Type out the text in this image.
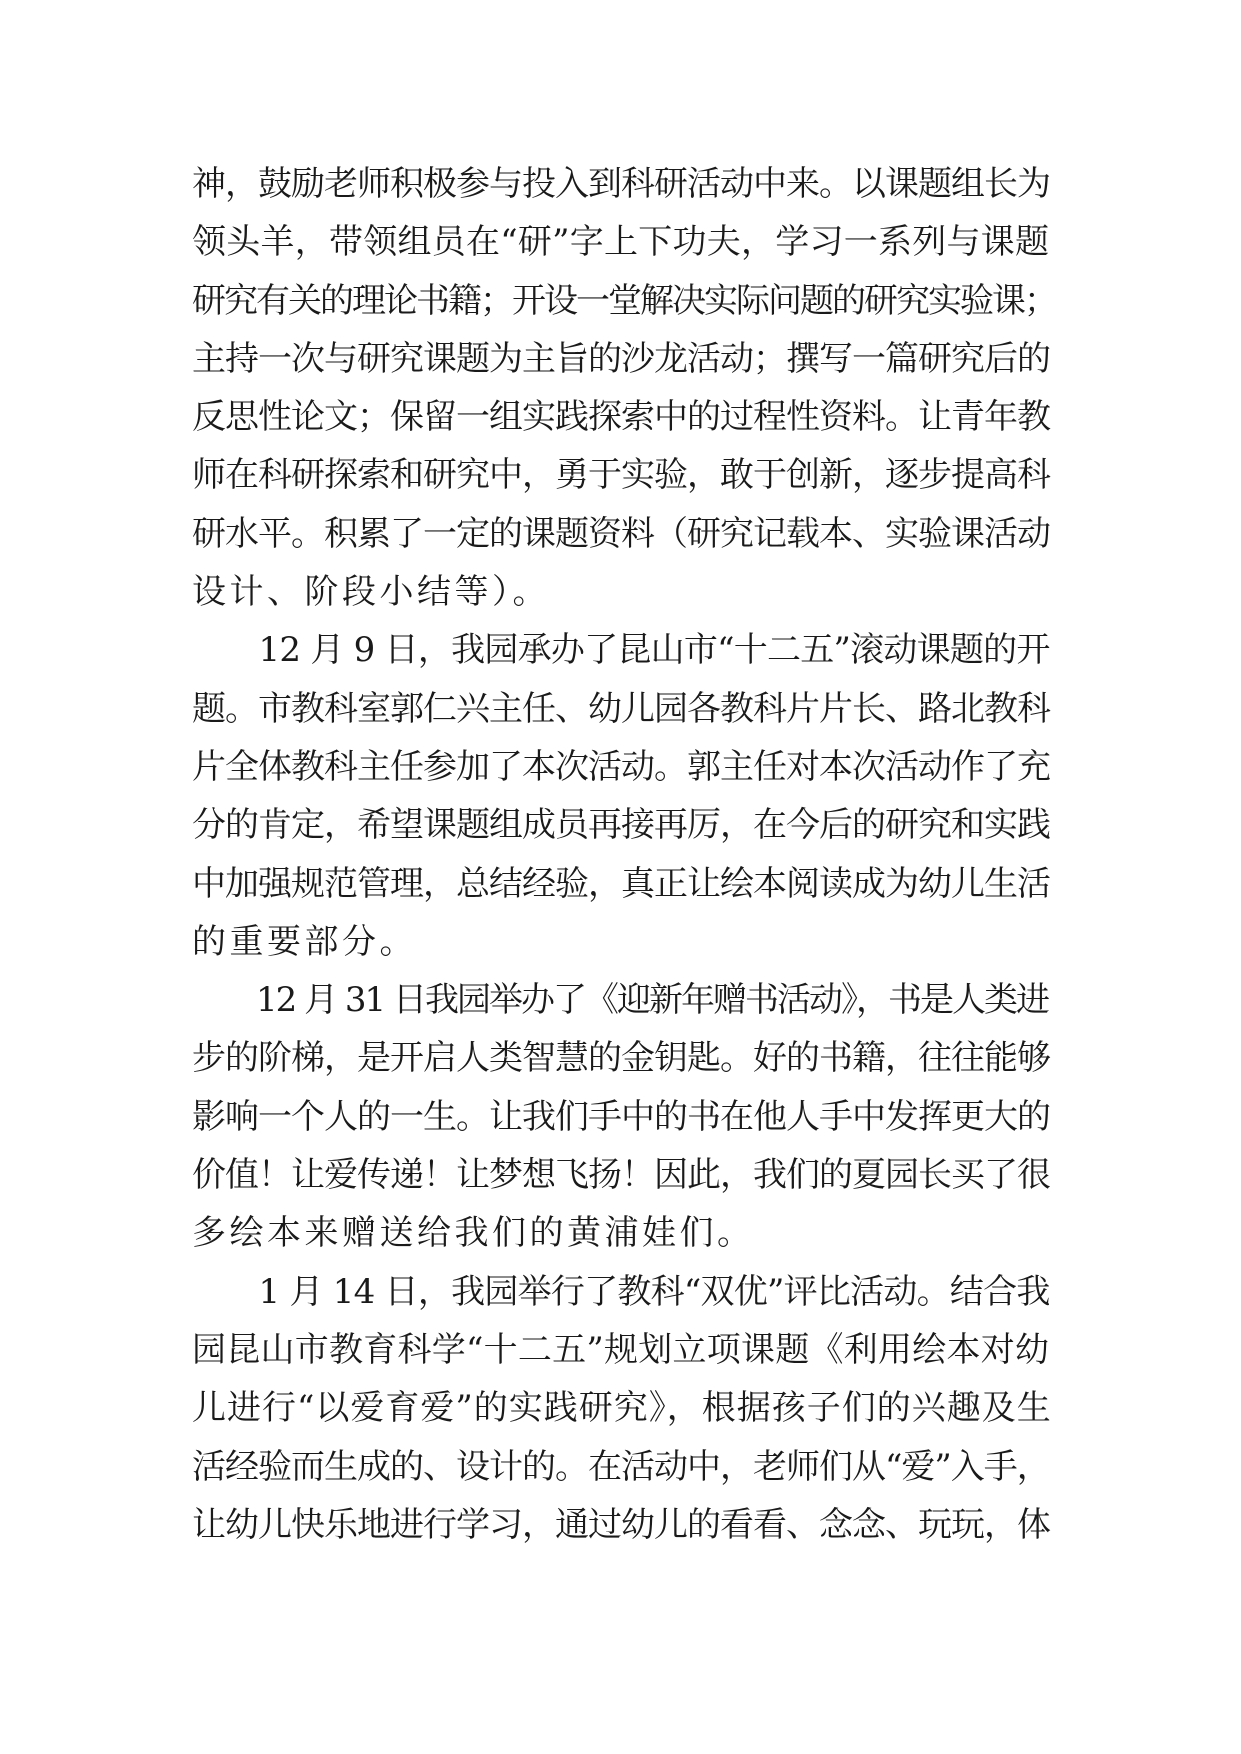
神，鼓励老师积极参与投入到科研活动中来。以课题组长为
领头羊，带领组员在“研”字上下功夫，学习一系列与课题
研究有关的理论书籍；开设一堂解决实际问题的研究实验课；
主持一次与研究课题为主旨的沙龙活动；撰写一篇研究后的
反思性论文；保留一组实践探索中的过程性资料。让青年教
师在科研探索和研究中，勇于实验，敢于创新，逐步提高科
研水平。积累了一定的课题资料（研究记载本、实验课活动
设计、阶段小结等）。
　　12 月 9 日，我园承办了昆山市“十二五”滚动课题的开
题。市教科室郭仁兴主任、幼儿园各教科片片长、路北教科
片全体教科主任参加了本次活动。郭主任对本次活动作了充
分的肯定，希望课题组成员再接再厉，在今后的研究和实践
中加强规范管理，总结经验，真正让绘本阅读成为幼儿生活
的重要部分。
　　12 月 31 日我园举办了《迎新年赠书活动》，书是人类进
步的阶梯，是开启人类智慧的金钥匙。好的书籍，往往能够
影响一个人的一生。让我们手中的书在他人手中发挥更大的
价值！让爱传递！让梦想飞扬！因此，我们的夏园长买了很
多绘本来赠送给我们的黄浦娃们。
　　1 月 14 日，我园举行了教科“双优”评比活动。结合我
园昆山市教育科学“十二五”规划立项课题《利用绘本对幼
儿进行“以爱育爱”的实践研究》，根据孩子们的兴趣及生
活经验而生成的、设计的。在活动中，老师们从“爱”入手，
让幼儿快乐地进行学习，通过幼儿的看看、念念、玩玩，体
